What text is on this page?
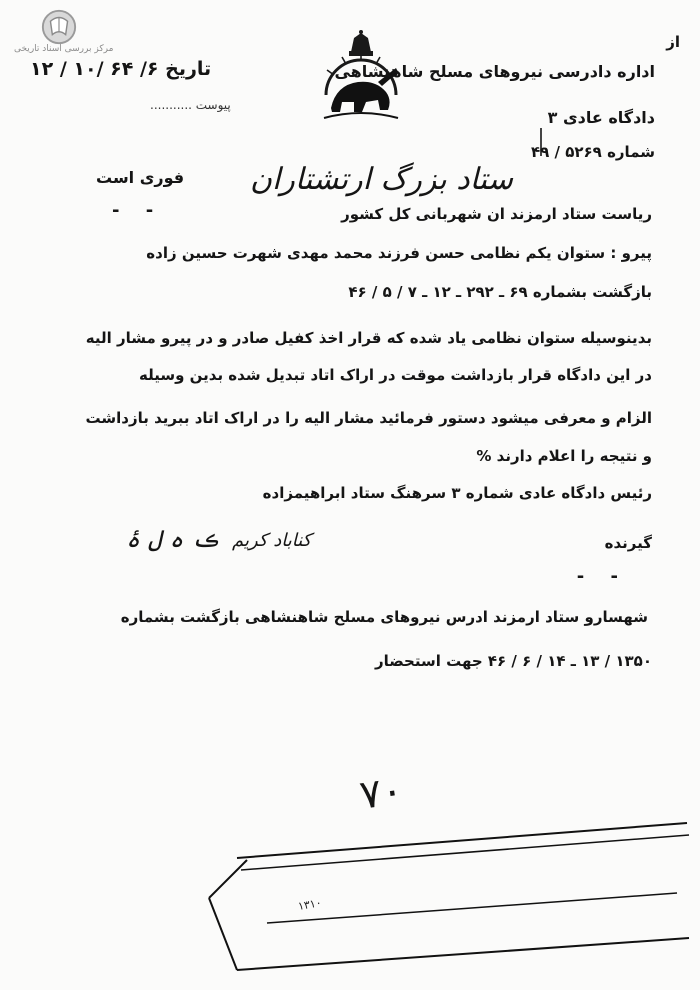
مرکز بررسی اسناد تاریخی
تاریخ ۶/ ۶۴ /۱۰ / ۱۲
پیوست ...........
از
اداره دادرسی نیروهای مسلح شاهنشاهی
دادگاه عادی ۳
شماره ۵۲۶۹ / ۴۹
فوری است
- -
ستاد بزرگ ارتشتاران
ریاست ستاد ارمزند ان شهربانی کل کشور
پیرو : ستوان یکم نظامی حسن فرزند محمد مهدی شهرت حسین زاده
بازگشت بشماره ۶۹ ـ ۲۹۲ ـ ۱۲ ـ ۷ / ۵ / ۴۶
بدینوسیله ستوان نظامی یاد شده که قرار اخذ کفیل صادر و در پیرو مشار الیه
در این دادگاه قرار بازداشت موقت در اراک اتاد تبدیل شده بدین وسیله
الزام و معرفی میشود دستور فرمائید مشار الیه را در اراک اتاد ببرید بازداشت
و نتیجه را اعلام دارند %
رئیس دادگاه عادی شماره ۳ سرهنگ ستاد ابراهیمزاده
ڪ ہ ل ۂ کناباد کریم	گیرنده
- -
شهسارو ستاد ارمزند ادرس نیروهای مسلح شاهنشاهی بازگشت بشماره
۱۳۵۰ / ۱۳ ـ ۱۴ / ۶ / ۴۶ جهت استحضار
۷۰
۱۳۱۰
